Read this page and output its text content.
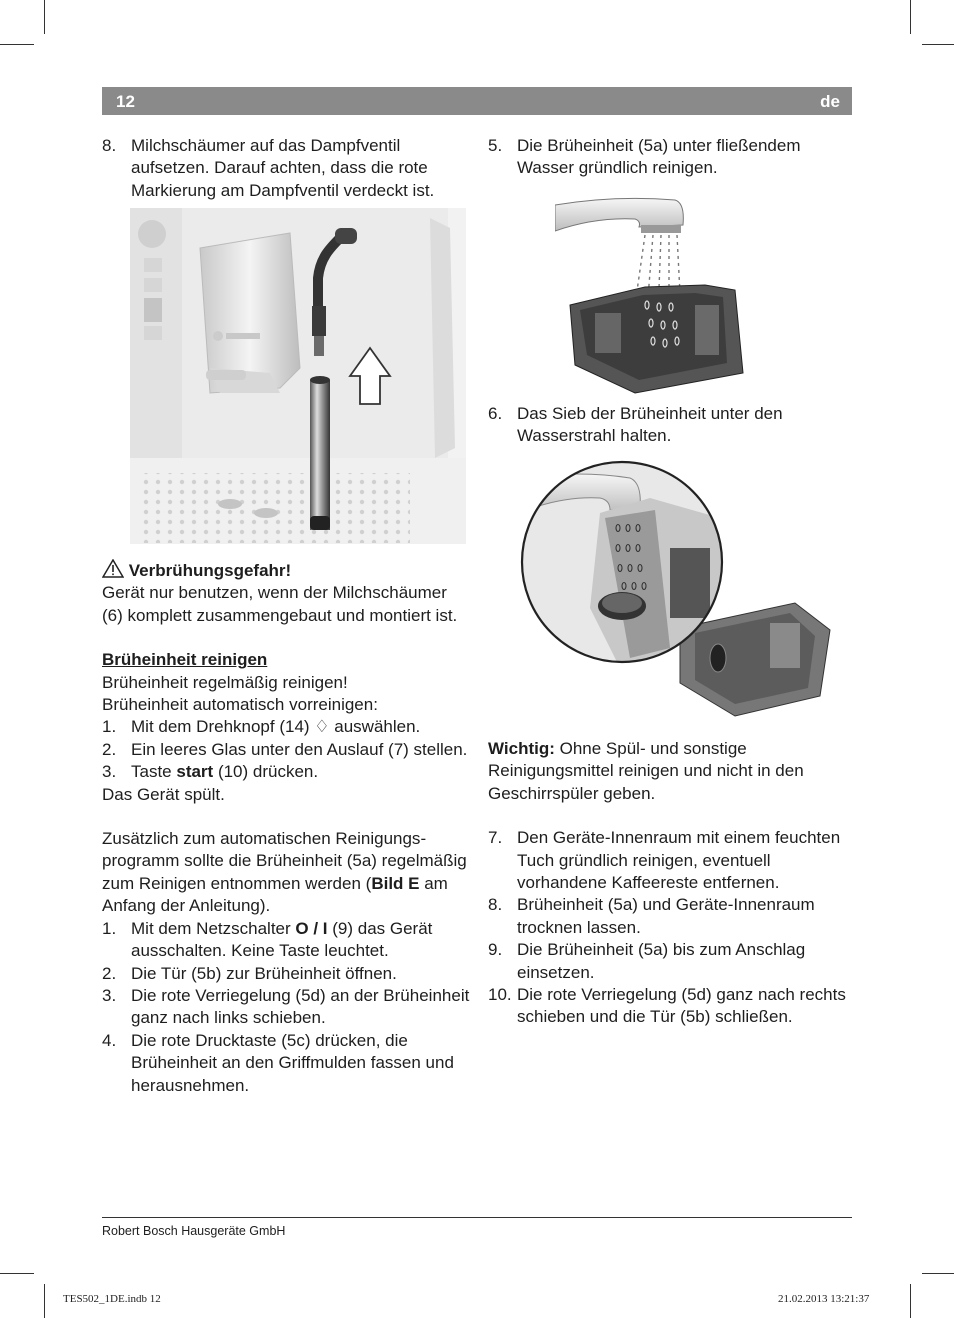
12	de
8. Milchschäumer auf das Dampfventil aufsetzen. Darauf achten, dass die rote Markierung am Dampfventil verdeckt ist.

Verbrühungsgefahr!

Gerät nur benutzen, wenn der Milchschäumer (6) komplett zusammengebaut und montiert ist.

Brüheinheit reinigen

Brüheinheit regelmäßig reinigen!

Brüheinheit automatisch vorreinigen:

1. Mit dem Drehknopf (14) ♢ auswählen.
2. Ein leeres Glas unter den Auslauf (7) stellen.
3. Taste start (10) drücken.

Das Gerät spült.

Zusätzlich zum automatischen Reinigungsprogramm sollte die Brüheinheit (5a) regelmäßig zum Reinigen entnommen werden (Bild E am Anfang der Anleitung).

1. Mit dem Netzschalter O / I (9) das Gerät ausschalten. Keine Taste leuchtet.
2. Die Tür (5b) zur Brüheinheit öffnen.
3. Die rote Verriegelung (5d) an der Brüheinheit ganz nach links schieben.
4. Die rote Drucktaste (5c) drücken, die Brüheinheit an den Griffmulden fassen und herausnehmen.
5. Die Brüheinheit (5a) unter fließendem Wasser gründlich reinigen.
6. Das Sieb der Brüheinheit unter den Wasserstrahl halten.

Wichtig: Ohne Spül- und sonstige Reinigungsmittel reinigen und nicht in den Geschirrspüler geben.

7. Den Geräte-Innenraum mit einem feuchten Tuch gründlich reinigen, eventuell vorhandene Kaffeereste entfernen.
8. Brüheinheit (5a) und Geräte-Innenraum trocknen lassen.
9. Die Brüheinheit (5a) bis zum Anschlag einsetzen.
10. Die rote Verriegelung (5d) ganz nach rechts schieben und die Tür (5b) schließen.
Robert Bosch Hausgeräte GmbH
TES502_1DE.indb 12	21.02.2013 13:21:37
